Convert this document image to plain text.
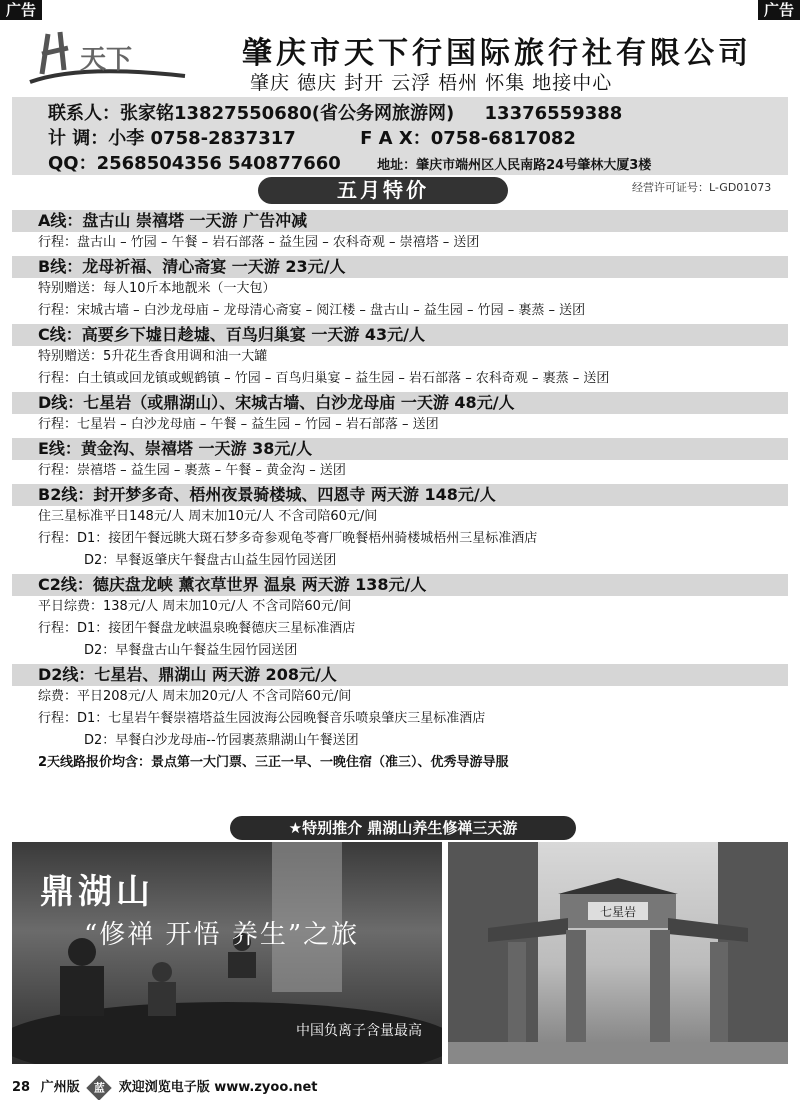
广告	广告
天下	肇庆市天下行国际旅行社有限公司
肇庆 德庆 封开 云浮 梧州 怀集 地接中心
联系人：张家铭13827550680(省公务网旅游网) 13376559388
计 调：小李 0758-2837317	F A X：0758-6817082
QQ：2568504356 540877660	地址：肇庆市端州区人民南路24号肇林大厦3楼
五月特价	经营许可证号：L-GD01073
A线：盘古山 崇禧塔 一天游 广告冲减
行程：盘古山 – 竹园 – 午餐 – 岩石部落 – 益生园 – 农科奇观 – 崇禧塔 – 送团
B线：龙母祈福、清心斋宴 一天游 23元/人
特别赠送：每人10斤本地靓米（一大包）
行程：宋城古墙 – 白沙龙母庙 – 龙母清心斋宴 – 阅江楼 – 盘古山 – 益生园 – 竹园 – 裹蒸 – 送团
C线：高要乡下墟日趁墟、百鸟归巢宴 一天游 43元/人
特别赠送：5升花生香食用调和油一大罐
行程：白土镇或回龙镇或蚬鹤镇 – 竹园 – 百鸟归巢宴 – 益生园 – 岩石部落 – 农科奇观 – 裹蒸 – 送团
D线：七星岩（或鼎湖山）、宋城古墙、白沙龙母庙 一天游 48元/人
行程：七星岩 – 白沙龙母庙 – 午餐 – 益生园 – 竹园 – 岩石部落 – 送团
E线：黄金沟、崇禧塔 一天游 38元/人
行程：崇禧塔 – 益生园 – 裹蒸 – 午餐 – 黄金沟 – 送团
B2线：封开梦多奇、梧州夜景骑楼城、四恩寺 两天游 148元/人
住三星标准平日148元/人 周末加10元/人 不含司陪60元/间
行程：D1：接团午餐远眺大斑石梦多奇参观龟苓膏厂晚餐梧州骑楼城梧州三星标准酒店
D2：早餐返肇庆午餐盘古山益生园竹园送团
C2线：德庆盘龙峡 薰衣草世界 温泉 两天游 138元/人
平日综费：138元/人 周末加10元/人 不含司陪60元/间
行程：D1：接团午餐盘龙峡温泉晚餐德庆三星标准酒店
D2：早餐盘古山午餐益生园竹园送团
D2线：七星岩、鼎湖山 两天游 208元/人
综费：平日208元/人 周末加20元/人 不含司陪60元/间
行程：D1：七星岩午餐崇禧塔益生园波海公园晚餐音乐喷泉肇庆三星标准酒店
D2：早餐白沙龙母庙--竹园裹蒸鼎湖山午餐送团
2天线路报价均含：景点第一大门票、三正一早、一晚住宿（准三）、优秀导游导服
★特别推介 鼎湖山养生修禅三天游
鼎湖山
“修禅 开悟 养生”之旅
中国负离子含量最高
七星岩
28 广州版 蓝 欢迎浏览电子版 www.zyoo.net
